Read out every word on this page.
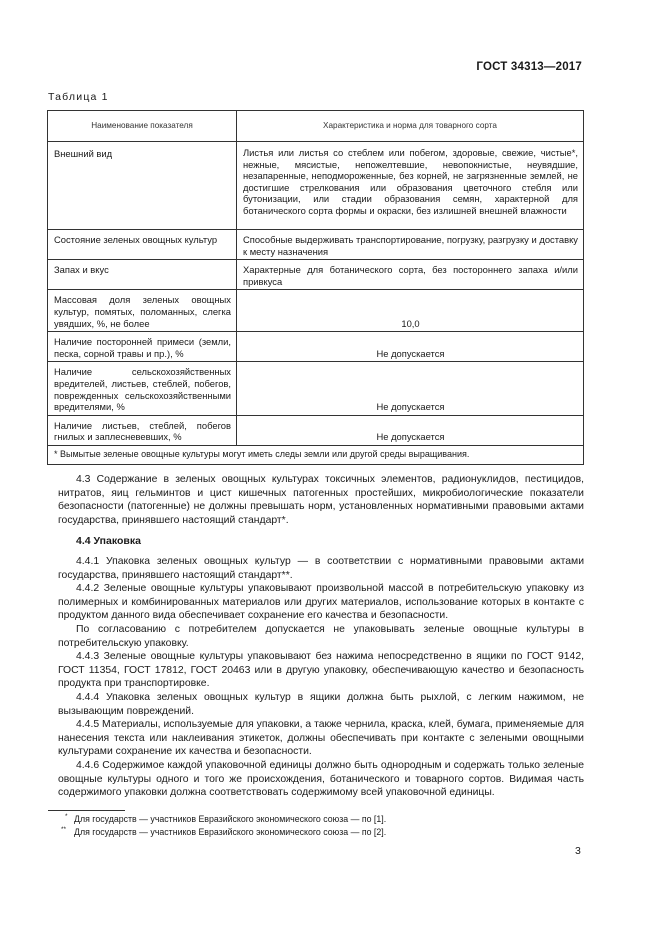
ГОСТ 34313—2017
Таблица 1
Наименование показателя	Характеристика и норма для товарного сорта
Внешний вид	Листья или листья со стеблем или побегом, здоровые, свежие, чистые*, нежные, мясистые, непожелтевшие, невопокнистые, неувядшие, незапаренные, неподмороженные, без корней, не загрязненные землей, не достигшие стрелкования или образования цветочного стебля или бутонизации, или стадии образования семян, характерной для ботанического сорта формы и окраски, без излишней внешней влажности
Состояние зеленых овощных культур	Способные выдерживать транспортирование, погрузку, разгрузку и доставку к месту назначения
Запах и вкус	Характерные для ботанического сорта, без постороннего запаха и/или привкуса
Массовая доля зеленых овощных культур, помятых, поломанных, слегка увядших, %, не более	10,0
Наличие посторонней примеси (земли, песка, сорной травы и пр.), %	Не допускается
Наличие сельскохозяйственных вредителей, листьев, стеблей, побегов, поврежденных сельскохозяйственными вредителями, %	Не допускается
Наличие листьев, стеблей, побегов гнилых и заплесневевших, %	Не допускается
* Вымытые зеленые овощные культуры могут иметь следы земли или другой среды выращивания.	

4.3 Содержание в зеленых овощных культурах токсичных элементов, радионуклидов, пестицидов, нитратов, яиц гельминтов и цист кишечных патогенных простейших, микробиологические показатели безопасности (патогенные) не должны превышать норм, установленных нормативными правовыми актами государства, принявшего настоящий стандарт*.

4.4 Упаковка

4.4.1 Упаковка зеленых овощных культур — в соответствии с нормативными правовыми актами государства, принявшего настоящий стандарт**.

4.4.2 Зеленые овощные культуры упаковывают произвольной массой в потребительскую упаковку из полимерных и комбинированных материалов или других материалов, использование которых в контакте с продуктом данного вида обеспечивает сохранение его качества и безопасности.

По согласованию с потребителем допускается не упаковывать зеленые овощные культуры в потребительскую упаковку.

4.4.3 Зеленые овощные культуры упаковывают без нажима непосредственно в ящики по ГОСТ 9142, ГОСТ 11354, ГОСТ 17812, ГОСТ 20463 или в другую упаковку, обеспечивающую качество и безопасность продукта при транспортировке.

4.4.4 Упаковка зеленых овощных культур в ящики должна быть рыхлой, с легким нажимом, не вызывающим повреждений.

4.4.5 Материалы, используемые для упаковки, а также чернила, краска, клей, бумага, применяемые для нанесения текста или наклеивания этикеток, должны обеспечивать при контакте с зелеными овощными культурами сохранение их качества и безопасности.

4.4.6 Содержимое каждой упаковочной единицы должно быть однородным и содержать только зеленые овощные культуры одного и того же происхождения, ботанического и товарного сортов. Видимая часть содержимого упаковки должна соответствовать содержимому всей упаковочной единицы.

* Для государств — участников Евразийского экономического союза — по [1].
** Для государств — участников Евразийского экономического союза — по [2].
3
